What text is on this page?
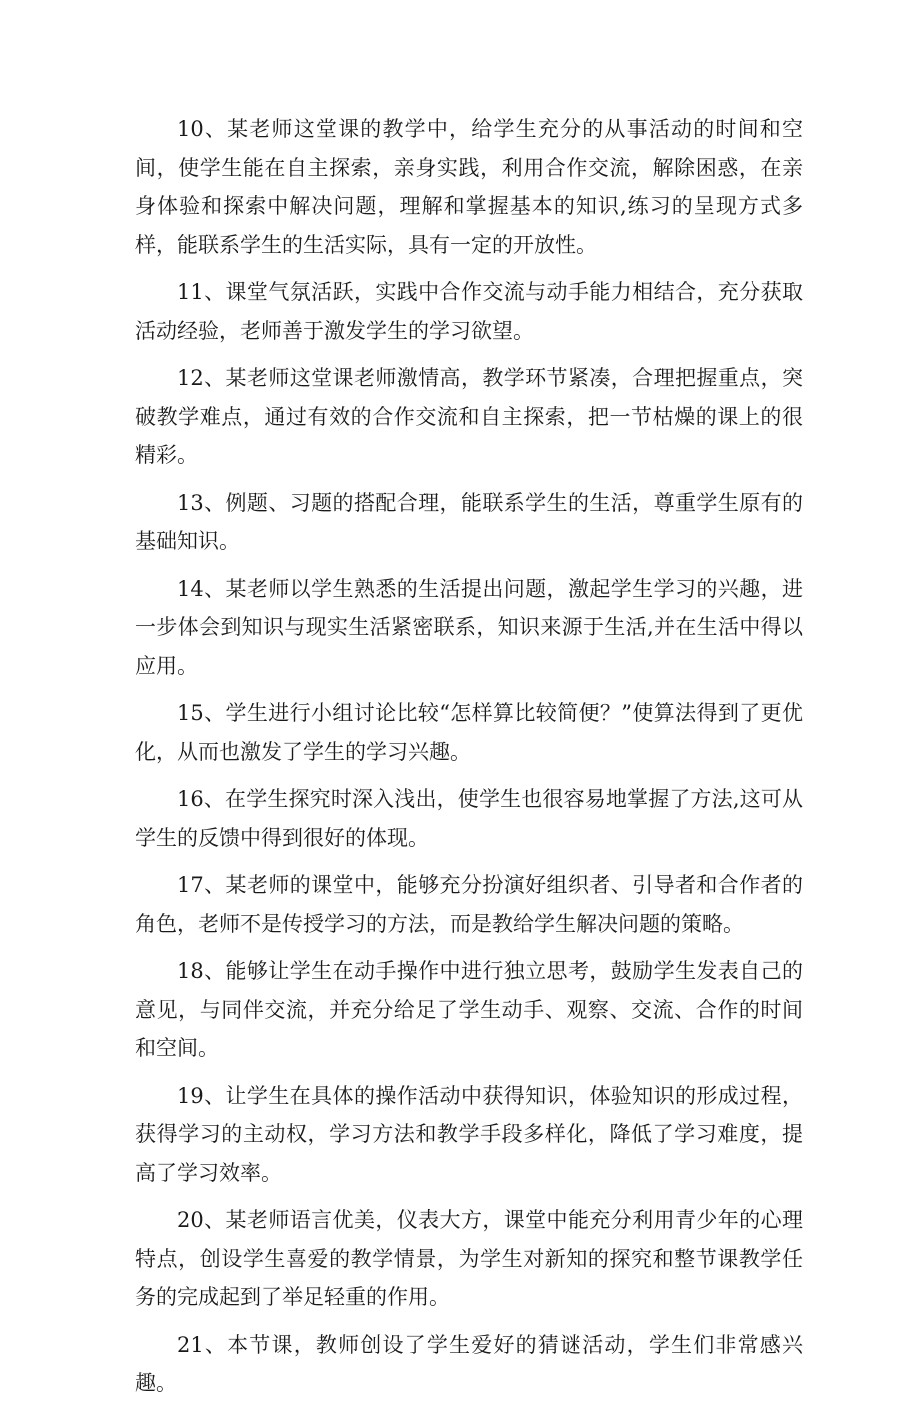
10、某老师这堂课的教学中，给学生充分的从事活动的时间和空间，使学生能在自主探索，亲身实践，利用合作交流，解除困惑，在亲身体验和探索中解决问题，理解和掌握基本的知识,练习的呈现方式多样，能联系学生的生活实际，具有一定的开放性。

11、课堂气氛活跃，实践中合作交流与动手能力相结合，充分获取活动经验，老师善于激发学生的学习欲望。

12、某老师这堂课老师激情高，教学环节紧凑，合理把握重点，突破教学难点，通过有效的合作交流和自主探索，把一节枯燥的课上的很精彩。

13、例题、习题的搭配合理，能联系学生的生活，尊重学生原有的基础知识。

14、某老师以学生熟悉的生活提出问题，激起学生学习的兴趣，进一步体会到知识与现实生活紧密联系，知识来源于生活,并在生活中得以应用。

15、学生进行小组讨论比较“怎样算比较简便？”使算法得到了更优化，从而也激发了学生的学习兴趣。

16、在学生探究时深入浅出，使学生也很容易地掌握了方法,这可从学生的反馈中得到很好的体现。

17、某老师的课堂中，能够充分扮演好组织者、引导者和合作者的角色，老师不是传授学习的方法，而是教给学生解决问题的策略。

18、能够让学生在动手操作中进行独立思考，鼓励学生发表自己的意见，与同伴交流，并充分给足了学生动手、观察、交流、合作的时间和空间。

19、让学生在具体的操作活动中获得知识，体验知识的形成过程，获得学习的主动权，学习方法和教学手段多样化，降低了学习难度，提高了学习效率。

20、某老师语言优美，仪表大方，课堂中能充分利用青少年的心理特点，创设学生喜爱的教学情景，为学生对新知的探究和整节课教学任务的完成起到了举足轻重的作用。

21、本节课，教师创设了学生爱好的猜谜活动，学生们非常感兴趣。
